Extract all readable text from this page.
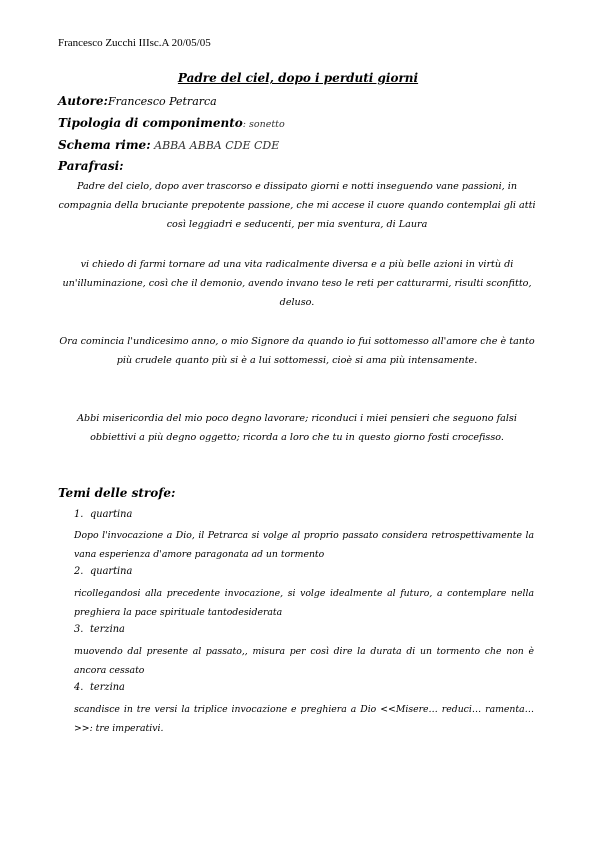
Francesco Zucchi IIIsc.A 20/05/05
Padre del ciel, dopo i perduti giorni
Autore:Francesco Petrarca
Tipologia di componimento: sonetto
Schema rime: ABBA ABBA CDE CDE
Parafrasi:
Padre del cielo, dopo aver trascorso e dissipato giorni e notti inseguendo vane passioni, in compagnia della bruciante prepotente passione, che mi accese il cuore quando contemplai gli atti così leggiadri e seducenti, per mia sventura, di Laura
vi chiedo di farmi tornare ad una vita radicalmente diversa e a più belle azioni in virtù di un'illuminazione, così che il demonio, avendo invano teso le reti per catturarmi, risulti sconfitto, deluso.
Ora comincia l'undicesimo anno, o mio Signore da quando io fui sottomesso all'amore che è tanto più crudele quanto più si è a lui sottomessi, cioè si ama più intensamente.
Abbi misericordia del mio poco degno lavorare; riconduci i miei pensieri che seguono falsi obbiettivi a più degno oggetto; ricorda a loro che tu in questo giorno fosti crocefisso.
Temi delle strofe:
1. quartina
Dopo l'invocazione a Dio, il Petrarca si volge al proprio passato considera retrospettivamente la vana esperienza d'amore paragonata ad un tormento
2. quartina
ricollegandosi alla precedente invocazione, si volge idealmente al futuro, a contemplare nella preghiera la pace spirituale tantodesiderata
3. terzina
muovendo dal presente al passato,, misura per così dire la durata di un tormento che non è ancora cessato
4. terzina
scandisce in tre versi la triplice invocazione e preghiera a Dio <<Misere… reduci… ramenta…>>: tre imperativi.
